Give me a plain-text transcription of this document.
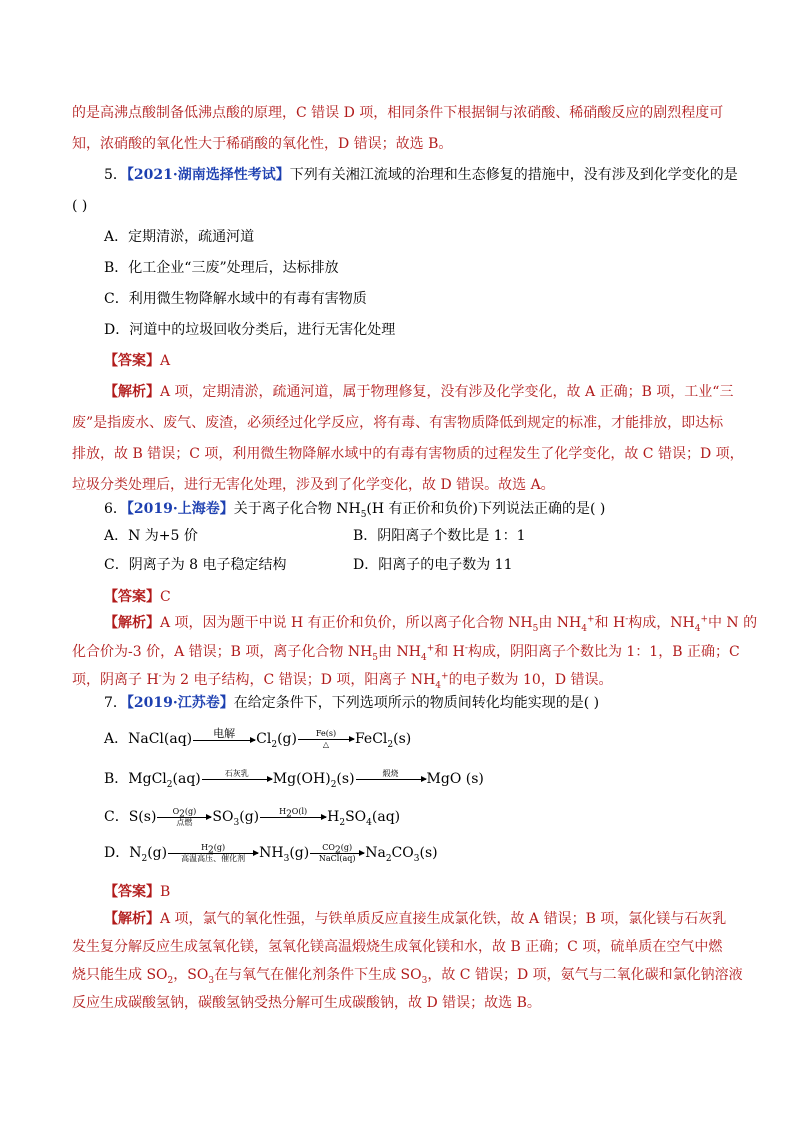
的是高沸点酸制备低沸点酸的原理，C 错误 D 项，相同条件下根据铜与浓硝酸、稀硝酸反应的剧烈程度可
知，浓硝酸的氧化性大于稀硝酸的氧化性，D 错误；故选 B。
5．【2021·湖南选择性考试】下列有关湘江流域的治理和生态修复的措施中，没有涉及到化学变化的是
( )
A．定期清淤，疏通河道
B．化工企业“三废”处理后，达标排放
C．利用微生物降解水域中的有毒有害物质
D．河道中的垃圾回收分类后，进行无害化处理
【答案】A
【解析】A 项，定期清淤，疏通河道，属于物理修复，没有涉及化学变化，故 A 正确；B 项，工业“三
废”是指废水、废气、废渣，必须经过化学反应，将有毒、有害物质降低到规定的标准，才能排放，即达标
排放，故 B 错误；C 项，利用微生物降解水域中的有毒有害物质的过程发生了化学变化，故 C 错误；D 项，
垃圾分类处理后，进行无害化处理，涉及到了化学变化，故 D 错误。故选 A。
6．【2019·上海卷】关于离子化合物 $NH_5(H$ 有正价和负价)下列说法正确的是( )
A．N 为+5 价	B．阴阳离子个数比是 1：1
C．阴离子为 8 电子稳定结构	D．阳离子的电子数为 11
【答案】C
【解析】A 项，因为题干中说 H 有正价和负价，所以离子化合物 $NH_5$由 $NH_4^+$和 H-构成，$NH_4^+$中 N 的
化合价为-3 价，A 错误；B 项，离子化合物 $NH_5$由 $NH_4^+$和 H-构成，阴阳离子个数比为 1：1，B 正确；C
项，阴离子 H-为 2 电子结构，C 错误；D 项，阳离子 $NH_4^+$的电子数为 10，D 错误。
7．【2019·江苏卷】在给定条件下，下列选项所示的物质间转化均能实现的是( )
A．NaCl(aq)	电解
	$Cl_2(g)$	Fe(s)
△	FeCl$_2$(s)
B．MgCl$_2$(aq)	石灰乳
	$Mg(OH)_2(s)$	煅烧
	MgO (s)
C．S(s)	$O_2(g)$
点燃	$SO_3(g)$	$H_2O(l)$
	$H_2SO_4(aq)$
D．$N_2(g)$	$H_2(g)$
高温高压、催化剂	$NH_3(g)$	$CO_2(g)$
NaCl(aq) $Na_2CO_3(s)$
【答案】B
【解析】A 项，氯气的氧化性强，与铁单质反应直接生成氯化铁，故 A 错误；B 项，氯化镁与石灰乳
发生复分解反应生成氢氧化镁，氢氧化镁高温煅烧生成氧化镁和水，故 B 正确；C 项，硫单质在空气中燃
烧只能生成 $SO_2$，$SO_3$在与氧气在催化剂条件下生成 $SO_3$，故 C 错误；D 项，氨气与二氧化碳和氯化钠溶液
反应生成碳酸氢钠，碳酸氢钠受热分解可生成碳酸钠，故 D 错误；故选 B。
